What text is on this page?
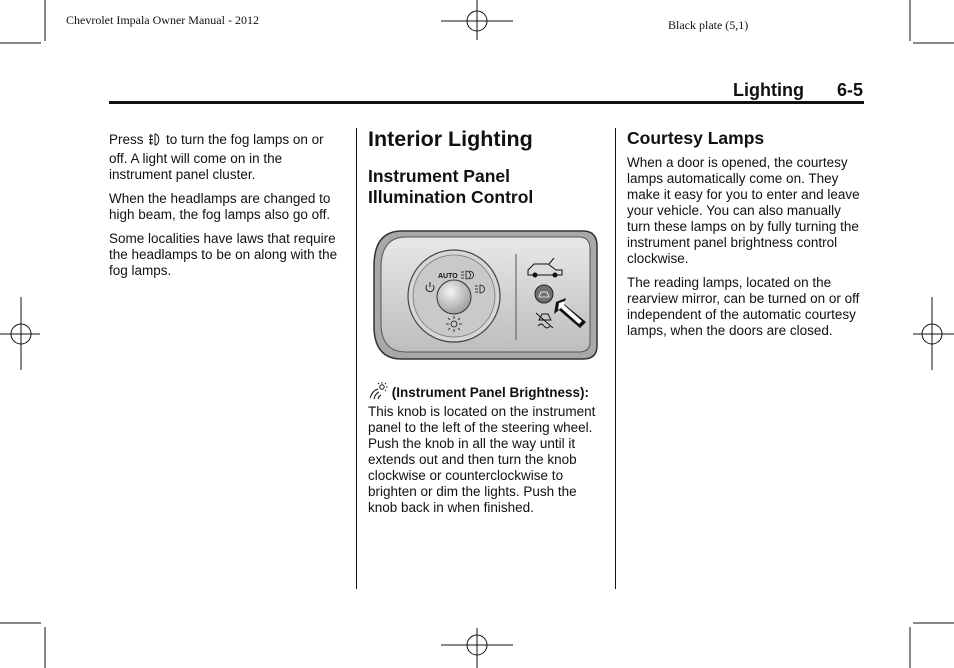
Chevrolet Impala Owner Manual - 2012	Black plate (5,1)
Lighting 6-5

Press to turn the fog lamps on or off. A light will come on in the instrument panel cluster.

When the headlamps are changed to high beam, the fog lamps also go off.

Some localities have laws that require the headlamps to be on along with the fog lamps.

Interior Lighting
Instrument Panel Illumination Control
AUTO

(Instrument Panel Brightness):  This knob is located on the instrument panel to the left of the steering wheel. Push the knob in all the way until it extends out and then turn the knob clockwise or counterclockwise to brighten or dim the lights. Push the knob back in when finished.

Courtesy Lamps

When a door is opened, the courtesy lamps automatically come on. They make it easy for you to enter and leave your vehicle. You can also manually turn these lamps on by fully turning the instrument panel brightness control clockwise.

The reading lamps, located on the rearview mirror, can be turned on or off independent of the automatic courtesy lamps, when the doors are closed.
